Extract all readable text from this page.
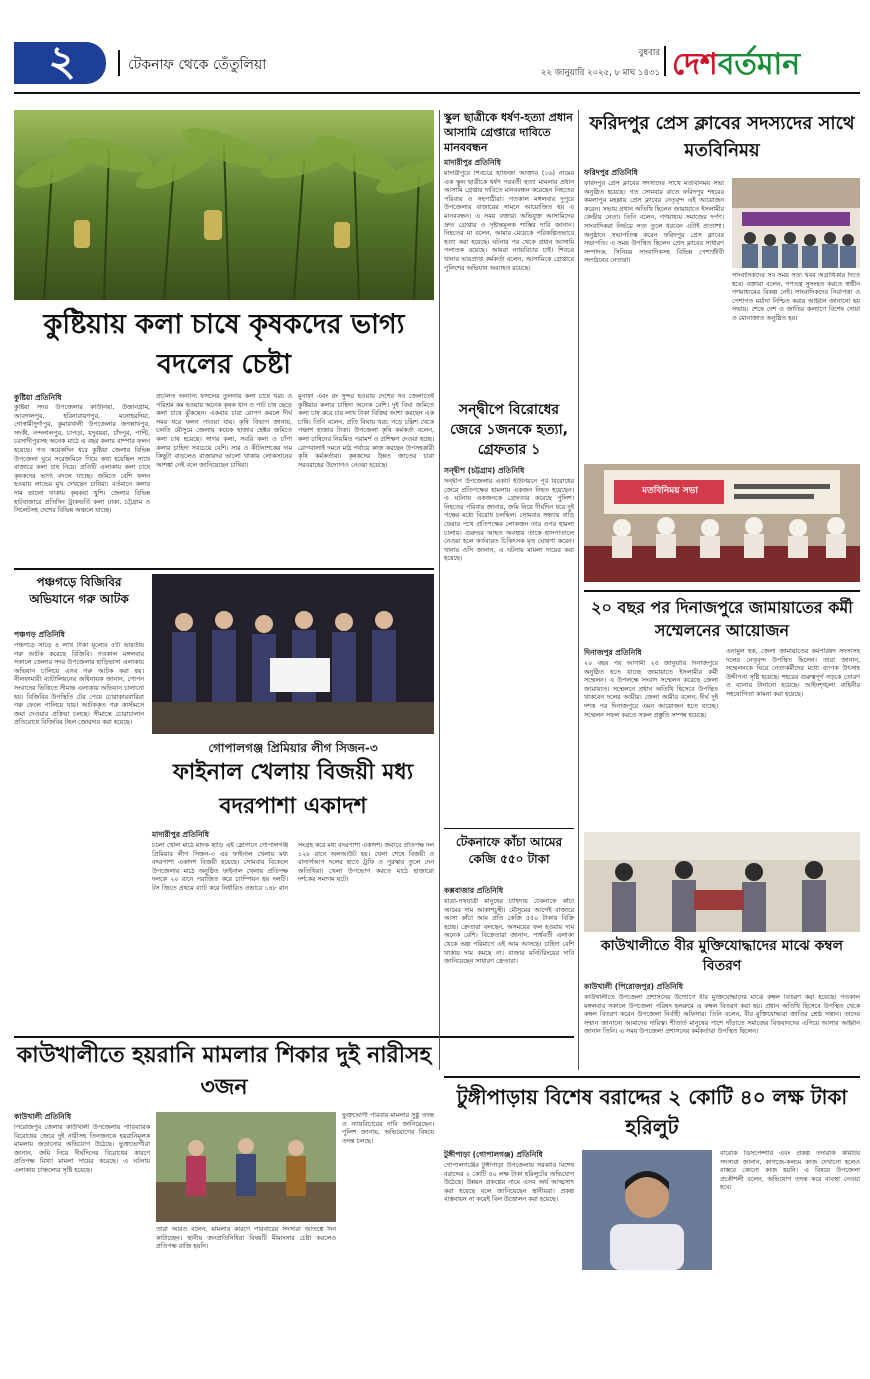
২	টেকনাফ থেকে তেঁতুলিয়া
বুধবার
২২ জানুয়ারি ২০২৫, ৮ মাঘ ১৪৩১ দেশবর্তমান
কুষ্টিয়ায় কলা চাষে কৃষকদের ভাগ্য বদলের চেষ্টা
কুষ্টিয়া প্রতিনিধি
কুষ্টিয়া সদর উপজেলার কাউনিয়া, উজানগ্রাম, আবদালপুর, হরিনারায়ণপুর, মনোহরদিয়া, গোস্বামীদুর্গাপুর, কুমারখালী উপজেলার জগন্নাথপুর, সদকী, নন্দলালপুর, চাপড়া, যদুবয়রা, চাঁদপুর, পান্টি, চরসাদীপুরসহ অনেক মাঠে এ বছর কলার বাম্পার ফলন হয়েছে। গত কয়েকদিন ধরে কুষ্টিয়া জেলার বিভিন্ন উপজেলা ঘুরে সরেজমিনে গিয়ে কথা হয়েছিল সাথে বাজারে কলা চাষ নিয়ে। প্রতিটি এলাকায় কলা চাষে কৃষকদের ভাগ্য বদলে যাচ্ছে। জমিতে বেশি ফলন হওয়ায় লাভের মুখ দেখছেন চাষিরা। বর্তমানে কলার দাম ভালো থাকায় কৃষকরা খুশি। জেলার বিভিন্ন হাটবাজারে প্রতিদিন ট্রাকভর্তি কলা ঢাকা, চট্টগ্রাম ও সিলেটসহ দেশের বিভিন্ন অঞ্চলে যাচ্ছে।
প্রচলিত অন্যান্য ফসলের তুলনায় কলা চাষে খরচ ও পরিশ্রম কম হওয়ায় অনেক কৃষক ধান ও পাট চাষ ছেড়ে কলা চাষে ঝুঁকছেন। একবার চারা রোপণ করলে দীর্ঘ সময় ধরে ফলন পাওয়া যায়। কৃষি বিভাগ জানায়, চলতি মৌসুমে জেলায় কয়েক হাজার হেক্টর জমিতে কলা চাষ হয়েছে। সাগর কলা, সবরি কলা ও চাঁপা কলার চাহিদা সবচেয়ে বেশি। সার ও কীটনাশকের দাম কিছুটা বাড়লেও বাজারদর ভালো থাকায় লোকসানের আশঙ্কা নেই বলে জানিয়েছেন চাষিরা।
মুনাফা এবং রং সুন্দর হওয়ায় দেশের সব জেলাতেই কুষ্টিয়ার কলার চাহিদা অনেক বেশি। দুই বিঘা জমিতে কলা চাষ করে চার লাখ টাকা বিক্রির আশা করছেন এক চাষি। তিনি বলেন, প্রতি বিঘায় খরচ পড়ে চল্লিশ থেকে পঞ্চাশ হাজার টাকা। উপজেলা কৃষি কর্মকর্তা বলেন, কলা চাষিদের নিয়মিত পরামর্শ ও প্রশিক্ষণ দেওয়া হচ্ছে। রোগবালাই দমনে মাঠ পর্যায়ে কাজ করছেন উপসহকারী কৃষি কর্মকর্তারা। কৃষকদের উন্নত জাতের চারা সরবরাহের উদ্যোগও নেওয়া হয়েছে।
স্কুল ছাত্রীকে ধর্ষণ-হত্যা প্রধান আসামি গ্রেপ্তারে দাবিতে মানববন্ধন
মাদারীপুর প্রতিনিধি
মাদারীপুরে শিবচরে হাফিজা আক্তার (১৬) নামের এক স্কুল ছাত্রীকে ধর্ষণ পরবর্তী হত্যা মামলার প্রধান আসামি গ্রেপ্তার দাবিতে মানববন্ধন করেছেন নিহতের পরিবার ও সহপাঠীরা। গতকাল মঙ্গলবার দুপুরে উপজেলার বাজারের সামনে আয়োজিত হয় এ মানববন্ধন। এ সময় বক্তারা অভিযুক্ত আসামিদের দ্রুত গ্রেপ্তার ও দৃষ্টান্তমূলক শাস্তির দাবি জানান। নিহতের মা বলেন, আমার মেয়েকে পরিকল্পিতভাবে হত্যা করা হয়েছে। ঘটনার পর থেকে প্রধান আসামি পলাতক রয়েছে। আমরা ন্যায়বিচার চাই। শিবচর থানার ভারপ্রাপ্ত কর্মকর্তা বলেন, আসামিকে গ্রেপ্তারে পুলিশের অভিযান অব্যাহত রয়েছে।
ফরিদপুর প্রেস ক্লাবের সদস্যদের সাথে মতবিনিময়
ফরিদপুর প্রতিনিধি
ফরিদপুর প্রেস ক্লাবের সদস্যদের সাথে মতবিনিময় সভা অনুষ্ঠিত হয়েছে। গত সোমবার রাতে ফরিদপুর শহরের কমলাপুর মহল্লায় প্রেস ক্লাবের নেতৃবৃন্দ এই আয়োজন করেন। সভায় প্রধান অতিথি ছিলেন জামায়াতে ইসলামীর কেন্দ্রীয় নেতা। তিনি বলেন, গণমাধ্যম সমাজের দর্পণ। সাংবাদিকরা নির্ভয়ে সত্য তুলে ধরবেন এটাই প্রত্যাশা। অনুষ্ঠানে সভাপতিত্ব করেন ফরিদপুর প্রেস ক্লাবের সভাপতি। এ সময় উপস্থিত ছিলেন প্রেস ক্লাবের সাধারণ সম্পাদক, সিনিয়র সাংবাদিকসহ বিভিন্ন পেশাজীবী সংগঠনের নেতারা।
সাংবাদিকদের সব সময় সত্য খবর অগ্রাধিকার দিতে হবে। বক্তারা বলেন, গণতন্ত্র সুসংহত করতে স্বাধীন গণমাধ্যমের বিকল্প নেই। সাংবাদিকদের নিরাপত্তা ও পেশাগত মর্যাদা নিশ্চিত করার আহ্বান জানানো হয় সভায়। শেষে দেশ ও জাতির কল্যাণে বিশেষ দোয়া ও মোনাজাত অনুষ্ঠিত হয়।
মতবিনিময় সভা
সন্দ্বীপে বিরোধের জেরে ১জনকে হত্যা, গ্রেফতার ১
সন্দ্বীপ (চট্টগ্রাম) প্রতিনিধি
সন্দ্বীপ উপজেলার একটি ইউনিয়নে পূর্ব বিরোধের জেরে প্রতিপক্ষের হামলায় একজন নিহত হয়েছেন। এ ঘটনায় একজনকে গ্রেফতার করেছে পুলিশ। নিহতের পরিবার জানায়, জমি নিয়ে দীর্ঘদিন ধরে দুই পক্ষের মধ্যে বিরোধ চলছিল। সোমবার সন্ধ্যায় বাড়ি ফেরার পথে প্রতিপক্ষের লোকজন তার ওপর হামলা চালায়। গুরুতর আহত অবস্থায় তাকে হাসপাতালে নেওয়া হলে কর্তব্যরত চিকিৎসক মৃত ঘোষণা করেন। থানার ওসি জানান, এ ঘটনায় মামলা দায়ের করা হয়েছে।
২০ বছর পর দিনাজপুরে জামায়াতের কর্মী সম্মেলনের আয়োজন
দিনাজপুর প্রতিনিধি
২০ বছর পর আগামী ২৫ জানুয়ারি দিনাজপুরে অনুষ্ঠিত হতে যাচ্ছে জামায়াতে ইসলামীর কর্মী সম্মেলন। এ উপলক্ষে সংবাদ সম্মেলন করেছে জেলা জামায়াত। সম্মেলনে প্রধান অতিথি হিসেবে উপস্থিত থাকবেন দলের আমীর। জেলা আমীর বলেন, দীর্ঘ দুই দশক পর দিনাজপুরে এমন আয়োজন হতে যাচ্ছে। সম্মেলন সফল করতে সকল প্রস্তুতি সম্পন্ন হয়েছে।
এনামুল হক, জেলা জামায়াতের কর্মপরিষদ সদস্যসহ দলের নেতৃবৃন্দ উপস্থিত ছিলেন। তারা জানান, সম্মেলনকে ঘিরে নেতাকর্মীদের মধ্যে ব্যাপক উৎসাহ উদ্দীপনা সৃষ্টি হয়েছে। শহরের গুরুত্বপূর্ণ সড়কে তোরণ ও ব্যানার টানানো হয়েছে। আইনশৃঙ্খলা বাহিনীর সহযোগিতা কামনা করা হয়েছে।
পঞ্চগড়ে বিজিবির অভিযানে গরু আটক
পঞ্চগড় প্রতিনিধি
পঞ্চগড়ে সাড়ে ৪ লাখ টাকা মূল্যের ৫টি ভারতীয় গরু আটক করেছে বিজিবি। গতকাল মঙ্গলবার সকালে জেলার সদর উপজেলার হাড়িভাসা এলাকায় অভিযান চালিয়ে এসব গরু আটক করা হয়। নীলফামারী ব্যাটালিয়নের অধিনায়ক জানান, গোপন সংবাদের ভিত্তিতে সীমান্ত এলাকায় অভিযান চালানো হয়। বিজিবির উপস্থিতি টের পেয়ে চোরাকারবারিরা গরু ফেলে পালিয়ে যায়। আটককৃত গরু কাস্টমসে জমা দেওয়ার প্রক্রিয়া চলছে। সীমান্তে চোরাচালান প্রতিরোধে বিজিবির টহল জোরদার করা হয়েছে।
গোপালগঞ্জ প্রিমিয়ার লীগ সিজন-৩
ফাইনাল খেলায় বিজয়ী মধ্য বদরপাশা একাদশ
মাদারীপুর প্রতিনিধি
চলো খেলি মাঠে মাদক ছাড়ি এই স্লোগানে গোপালগঞ্জ প্রিমিয়ার লীগ সিজন-৩ এর ফাইনাল খেলায় মধ্য বদরপাশা একাদশ বিজয়ী হয়েছে। সোমবার বিকেলে উপজেলার মাঠে অনুষ্ঠিত ফাইনাল খেলায় প্রতিপক্ষ দলকে ২০ রানে পরাজিত করে চ্যাম্পিয়ন হয় দলটি। টস জিতে প্রথমে ব্যাট করে নির্ধারিত ওভারে ১৪৮ রান সংগ্রহ করে মধ্য বদরপাশা একাদশ। জবাবে প্রতিপক্ষ দল ১২৮ রানে অলআউট হয়। খেলা শেষে বিজয়ী ও রানার্সআপ দলের হাতে ট্রফি ও পুরস্কার তুলে দেন অতিথিরা। খেলা উপভোগ করতে মাঠে হাজারো দর্শকের সমাগম ঘটে।
কাউখালীতে বীর মুক্তিযোদ্ধাদের মাঝে কম্বল বিতরণ
কাউখালী (পিরোজপুর) প্রতিনিধি
কাউখালীতে উপজেলা প্রশাসনের উদ্যোগে বীর মুক্তিযোদ্ধাদের মাঝে কম্বল বিতরণ করা হয়েছে। গতকাল মঙ্গলবার সকালে উপজেলা পরিষদ হলরুমে এ কম্বল বিতরণ করা হয়। প্রধান অতিথি হিসেবে উপস্থিত থেকে কম্বল বিতরণ করেন উপজেলা নির্বাহী অফিসার। তিনি বলেন, বীর মুক্তিযোদ্ধারা জাতির শ্রেষ্ঠ সন্তান। তাদের সম্মান জানানো আমাদের দায়িত্ব। শীতার্ত মানুষের পাশে দাঁড়াতে সমাজের বিত্তবানদের এগিয়ে আসার আহ্বান জানান তিনি। এ সময় উপজেলা প্রশাসনের কর্মকর্তারা উপস্থিত ছিলেন।
টেকনাফে কাঁচা আমের কেজি ৫৫০ টাকা
কক্সবাজার প্রতিনিধি
যাত্রা-পথযাত্রী মানুষের চাহিদায় টেকনাফে কাঁচা আমের দাম আকাশচুম্বী। মৌসুমের আগেই বাজারে আসা কাঁচা আম প্রতি কেজি ৫৫০ টাকায় বিক্রি হচ্ছে। ক্রেতারা বলছেন, অসময়ের ফল হওয়ায় দাম অনেক বেশি। বিক্রেতারা জানান, পার্শ্ববর্তী এলাকা থেকে অল্প পরিমাণে এই আম আসছে। চাহিদা বেশি থাকায় দাম কমছে না। বাজার মনিটরিংয়ের দাবি জানিয়েছেন সাধারণ ক্রেতারা।
কাউখালীতে হয়রানি মামলার শিকার দুই নারীসহ ৩জন
কাউখালী প্রতিনিধি
পিরোজপুর জেলার কাউখালী উপজেলায় পারিবারিক বিরোধের জেরে দুই নারীসহ তিনজনকে হয়রানিমূলক মামলায় জড়ানোর অভিযোগ উঠেছে। ভুক্তভোগীরা জানান, জমি নিয়ে দীর্ঘদিনের বিরোধের কারণে প্রতিপক্ষ মিথ্যা মামলা দায়ের করেছে। এ ঘটনায় এলাকায় চাঞ্চল্যের সৃষ্টি হয়েছে।
তারা আরও বলেন, মামলার কারণে পরিবারের সদস্যরা আতঙ্কে দিন কাটাচ্ছেন। স্থানীয় জনপ্রতিনিধিরা বিষয়টি মীমাংসার চেষ্টা করলেও প্রতিপক্ষ রাজি হয়নি।
ভুক্তভোগী পরিবার মামলার সুষ্ঠু তদন্ত ও ন্যায়বিচারের দাবি জানিয়েছেন। পুলিশ জানায়, অভিযোগের বিষয়ে তদন্ত চলছে।
টুঙ্গীপাড়ায় বিশেষ বরাদ্দের ২ কোটি ৪০ লক্ষ টাকা হরিলুট
টুঙ্গীপাড়া (গোপালগঞ্জ) প্রতিনিধি
গোপালগঞ্জের টুঙ্গীপাড়া উপজেলায় সরকারি বিশেষ বরাদ্দের ২ কোটি ৪০ লক্ষ টাকা হরিলুটের অভিযোগ উঠেছে। উন্নয়ন প্রকল্পের নামে এসব অর্থ আত্মসাৎ করা হয়েছে বলে জানিয়েছেন স্থানীয়রা। প্রকল্প বাস্তবায়ন না করেই বিল উত্তোলন করা হয়েছে।
বারোক ডিসপেন্সারি এবং প্রকল্প তদারকি কমিটির সদস্যরা জানান, কাগজে-কলমে কাজ দেখানো হলেও বাস্তবে কোনো কাজ হয়নি। এ বিষয়ে উপজেলা প্রকৌশলী বলেন, অভিযোগ তদন্ত করে ব্যবস্থা নেওয়া হবে।
